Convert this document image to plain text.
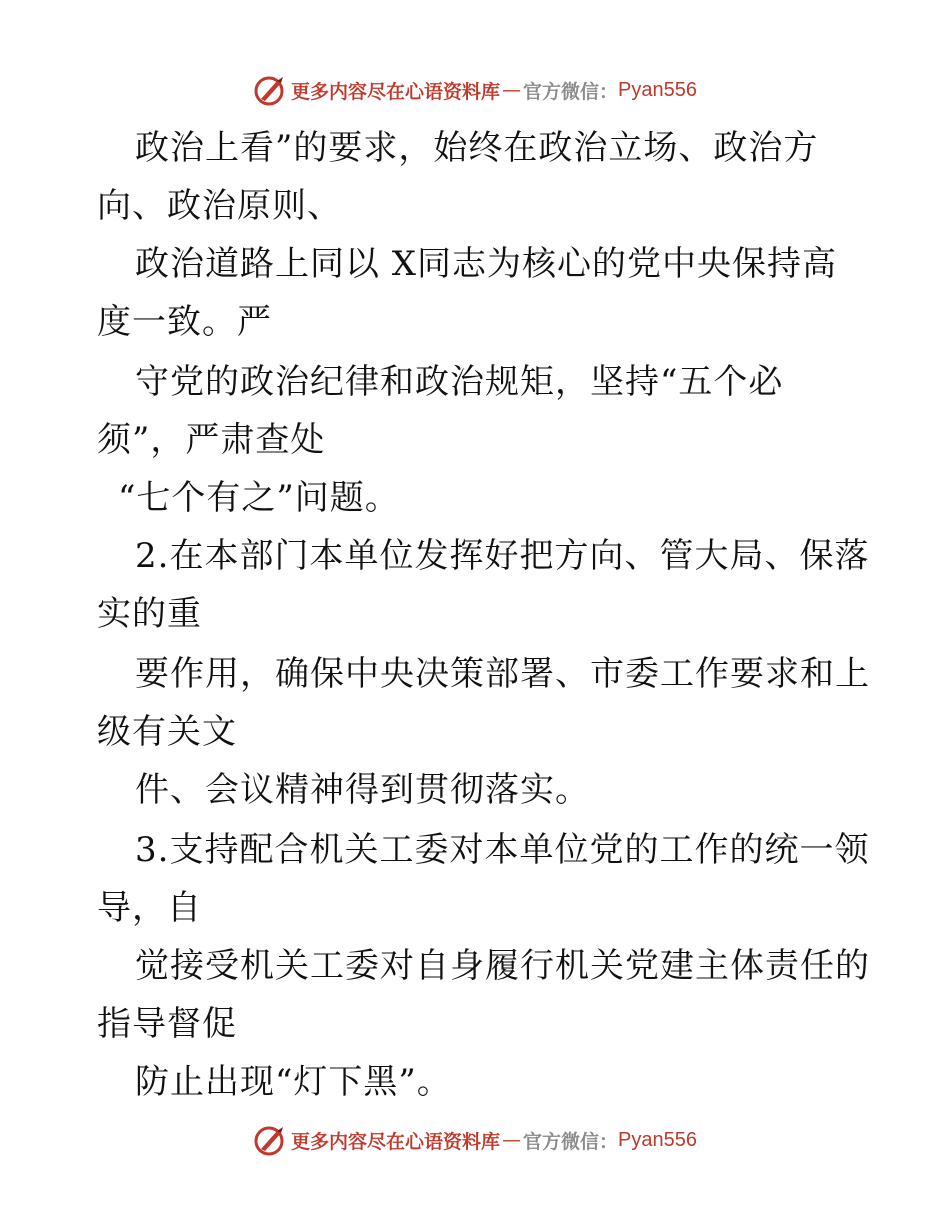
更多内容尽在心语资料库 — 官方微信： Pyan556
政治上看”的要求，始终在政治立场、政治方
向、政治原则、
政治道路上同以 X同志为核心的党中央保持高
度一致。严
守党的政治纪律和政治规矩，坚持“五个必
须”，严肃查处
“七个有之”问题。
2.在本部门本单位发挥好把方向、管大局、保落
实的重
要作用，确保中央决策部署、市委工作要求和上
级有关文
件、会议精神得到贯彻落实。
3.支持配合机关工委对本单位党的工作的统一领
导，自
觉接受机关工委对自身履行机关党建主体责任的
指导督促
防止出现“灯下黑”。
更多内容尽在心语资料库 — 官方微信： Pyan556
